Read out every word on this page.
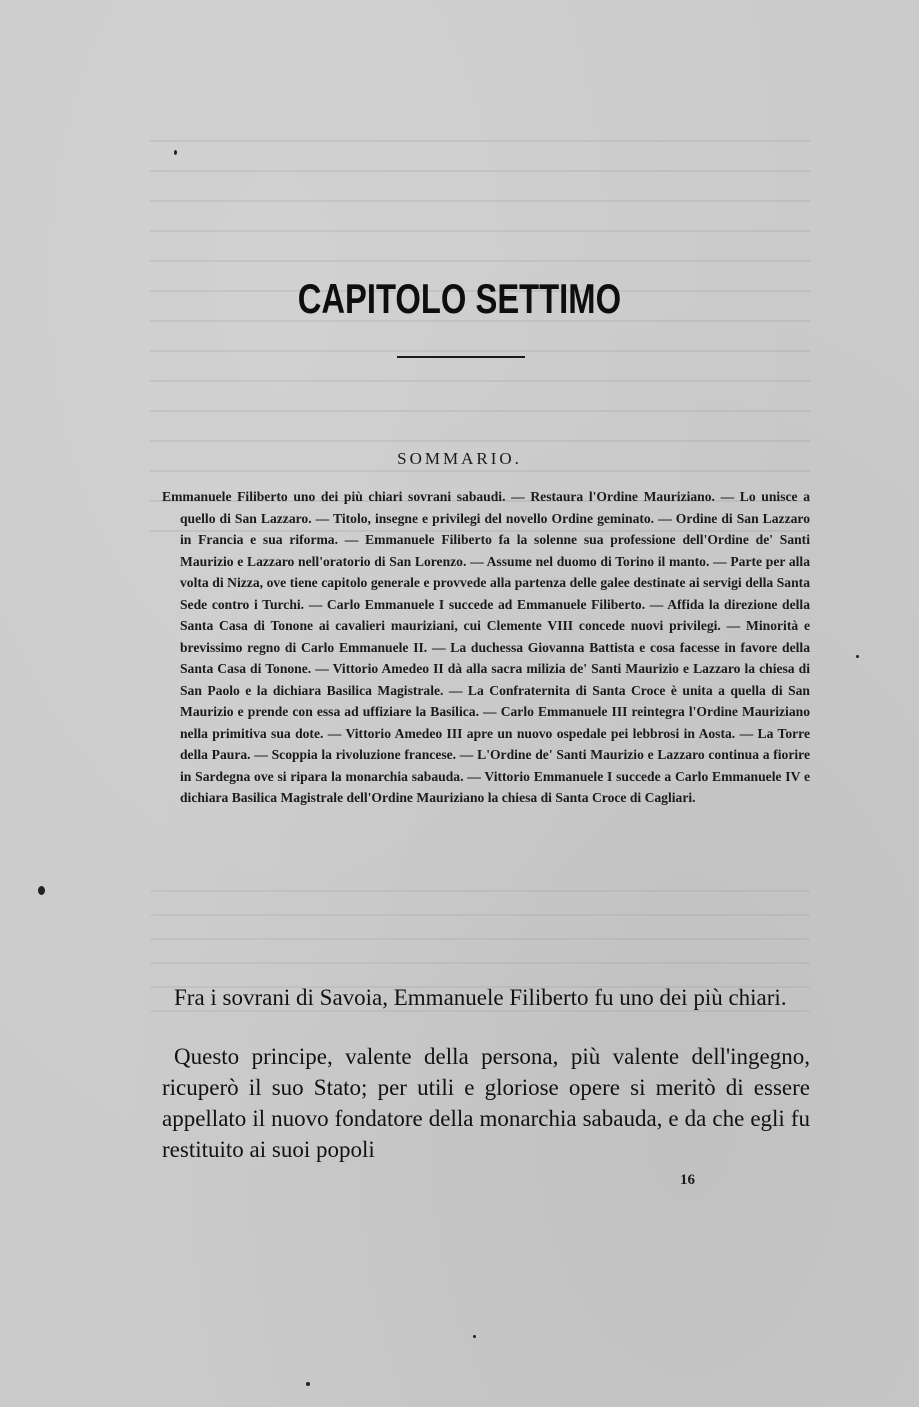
CAPITOLO SETTIMO
SOMMARIO.

Emmanuele Filiberto uno dei più chiari sovrani sabaudi. — Restaura l'Ordine Mauriziano. — Lo unisce a quello di San Lazzaro. — Titolo, insegne e privilegi del novello Ordine geminato. — Ordine di San Lazzaro in Francia e sua riforma. — Emmanuele Filiberto fa la solenne sua professione dell'Ordine de' Santi Maurizio e Lazzaro nell'oratorio di San Lorenzo. — Assume nel duomo di Torino il manto. — Parte per alla volta di Nizza, ove tiene capitolo generale e provvede alla partenza delle galee destinate ai servigi della Santa Sede contro i Turchi. — Carlo Emmanuele I succede ad Emmanuele Filiberto. — Affida la direzione della Santa Casa di Tonone ai cavalieri mauriziani, cui Clemente VIII concede nuovi privilegi. — Minorità e brevissimo regno di Carlo Emmanuele II. — La duchessa Giovanna Battista e cosa facesse in favore della Santa Casa di Tonone. — Vittorio Amedeo II dà alla sacra milizia de' Santi Maurizio e Lazzaro la chiesa di San Paolo e la dichiara Basilica Magistrale. — La Confraternita di Santa Croce è unita a quella di San Maurizio e prende con essa ad uffiziare la Basilica. — Carlo Emmanuele III reintegra l'Ordine Mauriziano nella primitiva sua dote. — Vittorio Amedeo III apre un nuovo ospedale pei lebbrosi in Aosta. — La Torre della Paura. — Scoppia la rivoluzione francese. — L'Ordine de' Santi Maurizio e Lazzaro continua a fiorire in Sardegna ove si ripara la monarchia sabauda. — Vittorio Emmanuele I succede a Carlo Emmanuele IV e dichiara Basilica Magistrale dell'Ordine Mauriziano la chiesa di Santa Croce di Cagliari.

Fra i sovrani di Savoia, Emmanuele Filiberto fu uno dei più chiari.

Questo principe, valente della persona, più valente dell'ingegno, ricuperò il suo Stato; per utili e gloriose opere si meritò di essere appellato il nuovo fondatore della monarchia sabauda, e da che egli fu restituito ai suoi popoli

16
